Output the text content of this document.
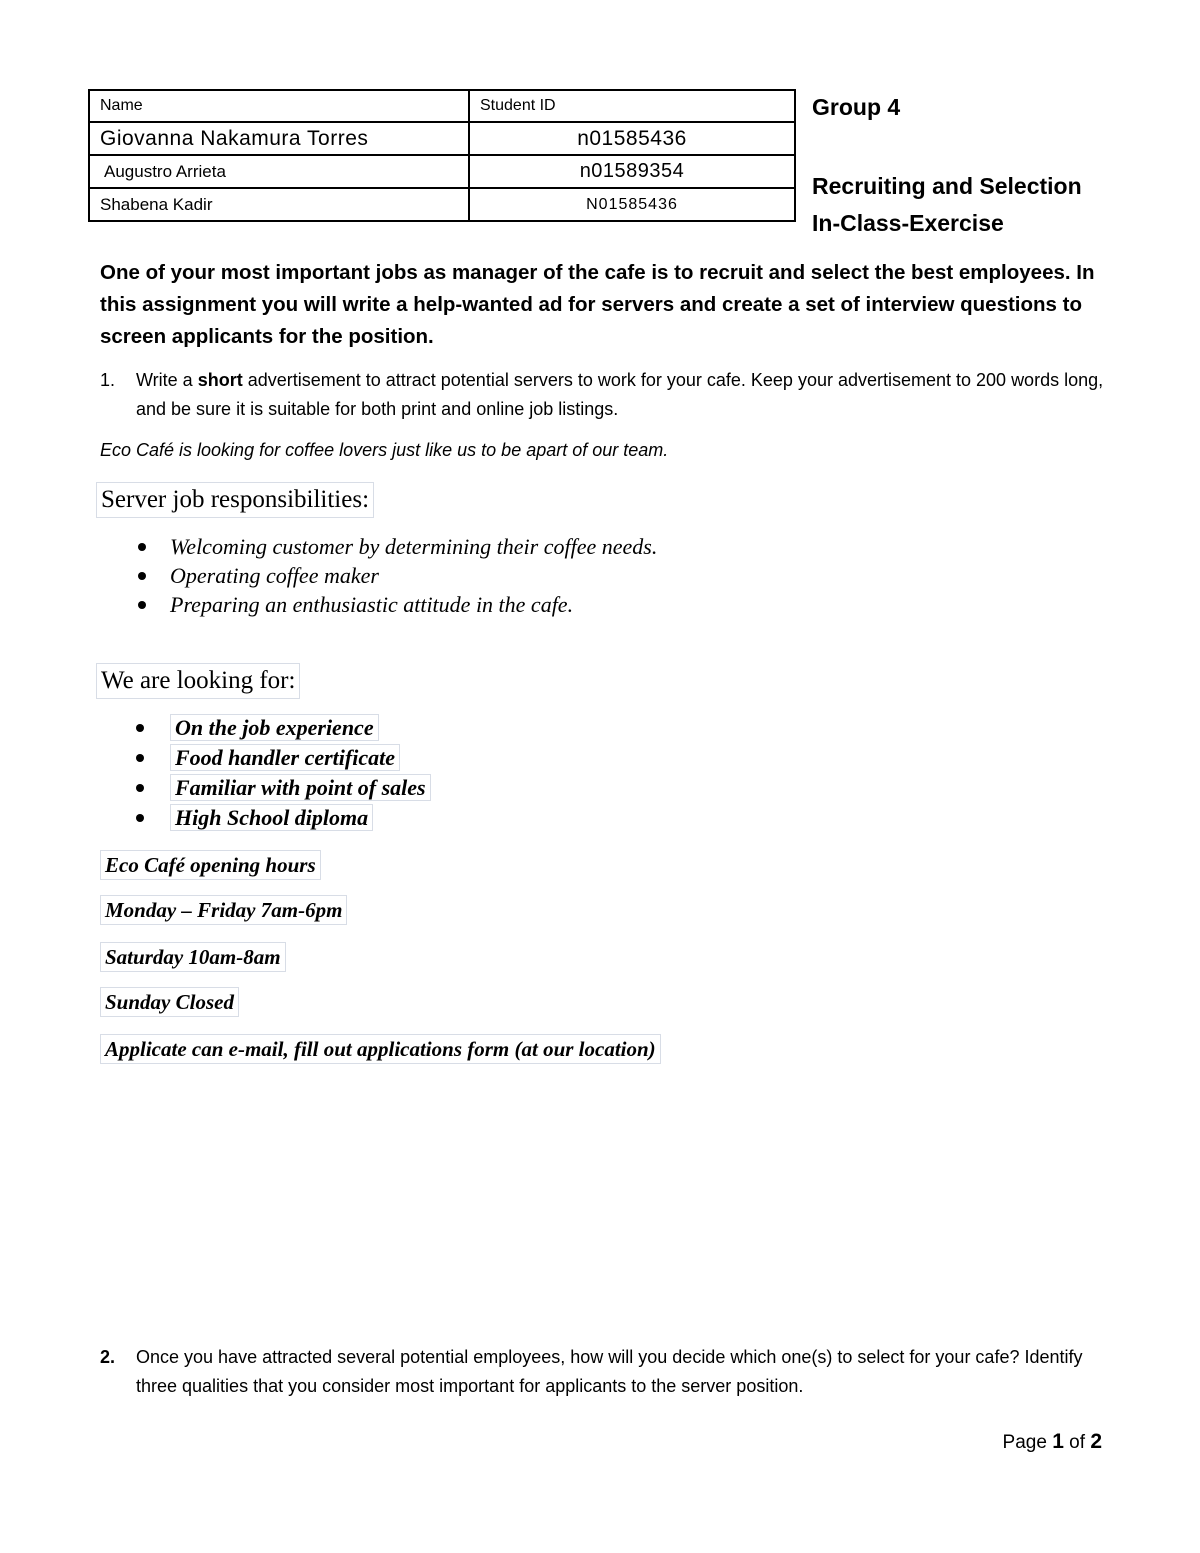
Name	Student ID
Giovanna Nakamura Torres	n01585436
Augustro Arrieta	n01589354
Shabena Kadir	N01585436
Group 4
Recruiting and Selection
In-Class-Exercise
One of your most important jobs as manager of the cafe is to recruit and select the best employees. In this assignment you will write a help-wanted ad for servers and create a set of interview questions to screen applicants for the position.
1. Write a short advertisement to attract potential servers to work for your cafe. Keep your advertisement to 200 words long, and be sure it is suitable for both print and online job listings.
Eco Café is looking for coffee lovers just like us to be apart of our team.
Server job responsibilities:
Welcoming customer by determining their coffee needs.
Operating coffee maker
Preparing an enthusiastic attitude in the cafe.
We are looking for:
On the job experience
Food handler certificate
Familiar with point of sales
High School diploma
Eco Café opening hours
Monday – Friday 7am-6pm
Saturday 10am-8am
Sunday Closed
Applicate can e-mail, fill out applications form (at our location)
2. Once you have attracted several potential employees, how will you decide which one(s) to select for your cafe? Identify three qualities that you consider most important for applicants to the server position.
Page 1 of 2
